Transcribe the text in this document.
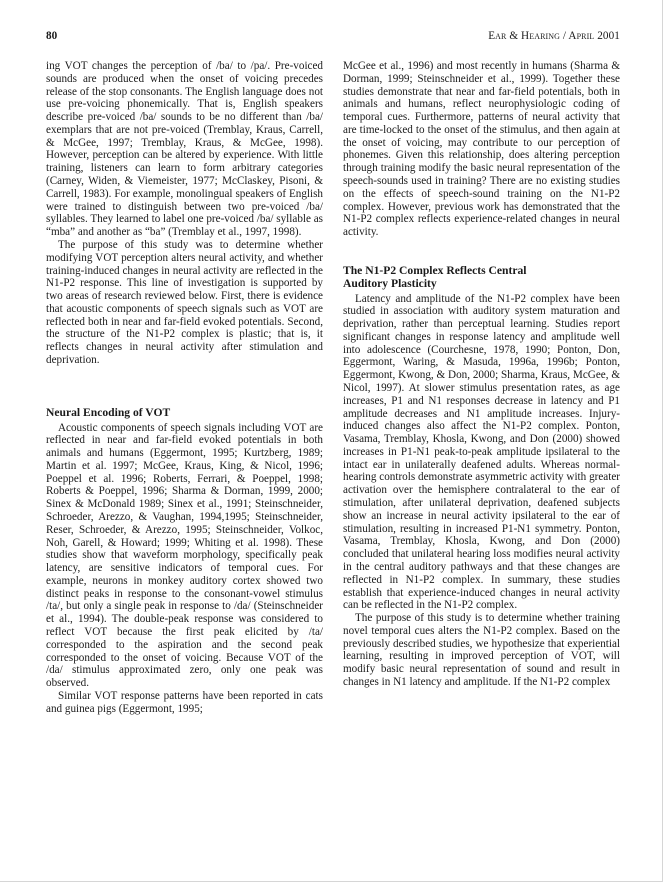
80	Ear & Hearing / April 2001

ing VOT changes the perception of /ba/ to /pa/. Pre-voiced sounds are produced when the onset of voicing precedes release of the stop consonants. The English language does not use pre-voicing phonemically. That is, English speakers describe pre-voiced /ba/ sounds to be no different than /ba/ exemplars that are not pre-voiced (Tremblay, Kraus, Carrell, & McGee, 1997; Tremblay, Kraus, & McGee, 1998). However, perception can be altered by experience. With little training, listeners can learn to form arbitrary categories (Carney, Widen, & Viemeister, 1977; McClaskey, Pisoni, & Carrell, 1983). For example, monolingual speakers of English were trained to distinguish between two pre-voiced /ba/ syllables. They learned to label one pre-voiced /ba/ syllable as “mba” and another as “ba” (Tremblay et al., 1997, 1998).

The purpose of this study was to determine whether modifying VOT perception alters neural activity, and whether training-induced changes in neural activity are reflected in the N1-P2 response. This line of investigation is supported by two areas of research reviewed below. First, there is evidence that acoustic components of speech signals such as VOT are reflected both in near and far-field evoked potentials. Second, the structure of the N1-P2 complex is plastic; that is, it reflects changes in neural activity after stimulation and deprivation.

Neural Encoding of VOT

Acoustic components of speech signals including VOT are reflected in near and far-field evoked potentials in both animals and humans (Eggermont, 1995; Kurtzberg, 1989; Martin et al. 1997; McGee, Kraus, King, & Nicol, 1996; Poeppel et al. 1996; Roberts, Ferrari, & Poeppel, 1998; Roberts & Poeppel, 1996; Sharma & Dorman, 1999, 2000; Sinex & McDonald 1989; Sinex et al., 1991; Steinschneider, Schroeder, Arezzo, & Vaughan, 1994,1995; Steinschneider, Reser, Schroeder, & Arezzo, 1995; Steinschneider, Volkoc, Noh, Garell, & Howard; 1999; Whiting et al. 1998). These studies show that waveform morphology, specifically peak latency, are sensitive indicators of temporal cues. For example, neurons in monkey auditory cortex showed two distinct peaks in response to the consonant-vowel stimulus /ta/, but only a single peak in response to /da/ (Steinschneider et al., 1994). The double-peak response was considered to reflect VOT because the first peak elicited by /ta/ corresponded to the aspiration and the second peak corresponded to the onset of voicing. Because VOT of the /da/ stimulus approximated zero, only one peak was observed.

Similar VOT response patterns have been reported in cats and guinea pigs (Eggermont, 1995;

McGee et al., 1996) and most recently in humans (Sharma & Dorman, 1999; Steinschneider et al., 1999). Together these studies demonstrate that near and far-field potentials, both in animals and humans, reflect neurophysiologic coding of temporal cues. Furthermore, patterns of neural activity that are time-locked to the onset of the stimulus, and then again at the onset of voicing, may contribute to our perception of phonemes. Given this relationship, does altering perception through training modify the basic neural representation of the speech-sounds used in training? There are no existing studies on the effects of speech-sound training on the N1-P2 complex. However, previous work has demonstrated that the N1-P2 complex reflects experience-related changes in neural activity.

The N1-P2 Complex Reflects Central
Auditory Plasticity

Latency and amplitude of the N1-P2 complex have been studied in association with auditory system maturation and deprivation, rather than perceptual learning. Studies report significant changes in response latency and amplitude well into adolescence (Courchesne, 1978, 1990; Ponton, Don, Eggermont, Waring, & Masuda, 1996a, 1996b; Ponton, Eggermont, Kwong, & Don, 2000; Sharma, Kraus, McGee, & Nicol, 1997). At slower stimulus presentation rates, as age increases, P1 and N1 responses decrease in latency and P1 amplitude decreases and N1 amplitude increases. Injury-induced changes also affect the N1-P2 complex. Ponton, Vasama, Tremblay, Khosla, Kwong, and Don (2000) showed increases in P1-N1 peak-to-peak amplitude ipsilateral to the intact ear in unilaterally deafened adults. Whereas normal-hearing controls demonstrate asymmetric activity with greater activation over the hemisphere contralateral to the ear of stimulation, after unilateral deprivation, deafened subjects show an increase in neural activity ipsilateral to the ear of stimulation, resulting in increased P1-N1 symmetry. Ponton, Vasama, Tremblay, Khosla, Kwong, and Don (2000) concluded that unilateral hearing loss modifies neural activity in the central auditory pathways and that these changes are reflected in N1-P2 complex. In summary, these studies establish that experience-induced changes in neural activity can be reflected in the N1-P2 complex.

The purpose of this study is to determine whether training novel temporal cues alters the N1-P2 complex. Based on the previously described studies, we hypothesize that experiential learning, resulting in improved perception of VOT, will modify basic neural representation of sound and result in changes in N1 latency and amplitude. If the N1-P2 complex
